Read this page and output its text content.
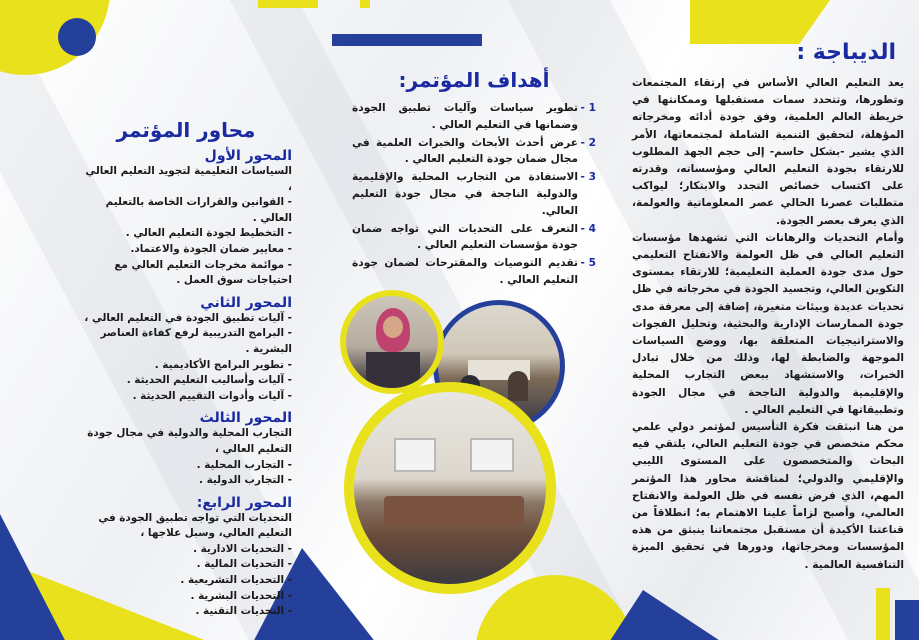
الديباجة :

يعد التعليم العالي الأساس في إرتقاء المجتمعات وتطورها، وتتحدد سمات مستقبلها وممكانتها في خريطة العالم العلمية، وفق جودة أدائه ومخرجاته المؤهلة، لتحقيق التنمية الشاملة لمجتمعاتها، الأمر الذي يشير -بشكل حاسم- إلى حجم الجهد المطلوب للارتقاء بجودة التعليم العالي ومؤسساته، وقدرته على اكتساب خصائص التجدد والابتكار؛ ليواكب متطلبات عصرنا الحالي عصر المعلوماتية والعولمة، الذي يعرف بعصر الجودة.

وأمام التحديات والرهانات التي تشهدها مؤسسات التعليم العالي في ظل العولمة والانفتاح التعليمي حول مدى جودة العملية التعليمية؛ للارتقاء بمستوى التكوين العالي، وتجسيد الجودة في مخرجاته في ظل تحديات عديدة وبيئات متغيرة، إضافة إلى معرفة مدى جودة الممارسات الإدارية والبحثية، وتحليل الفجوات والاستراتيجيات المتعلقة بها، ووضع السياسات الموجهة والضابطة لها، وذلك من خلال تبادل الخبرات، والاستشهاد ببعض التجارب المحلية والإقليمية والدولية الناجحة في مجال الجودة وتطبيقاتها في التعليم العالي .

من هنا انبثقت فكرة التأسيس لمؤتمر دولي علمي محكم متخصص في جودة التعليم العالي، يلتقي فيه البحاث والمتخصصون على المستوى الليبي والإقليمي والدولي؛ لمناقشة محاور هذا المؤتمر المهم، الذي فرض نفسه في ظل العولمة والانفتاح العالمي، وأصبح لزاماً علينا الاهتمام به؛ انطلاقاً من قناعتنا الأكيدة أن مستقبل مجتمعاتنا ينبثق من هذه المؤسسات ومخرجاتها، ودورها في تحقيق الميزة التنافسية العالمية .

أهداف المؤتمر:
1 -
تطوير سياسات وآليات تطبيق الجودة وضمانها في التعليم العالي .
2 -
عرض أحدث الأبحاث والخبرات العلمية في مجال ضمان جودة التعليم العالي .
3 -
الاستفادة من التجارب المحلية والإقليمية والدولية الناجحة في مجال جودة التعليم العالي.
4 -
التعرف على التحديات التي تواجه ضمان جودة مؤسسات التعليم العالي .
5 -
تقديم التوصيات والمقترحات لضمان جودة التعليم العالي .
محاور المؤتمر
المحور الأول
السياسات التعليمية لتجويد التعليم العالي ،
- القوانين والقرارات الخاصة بالتعليم العالي .
- التخطيط لجودة التعليم العالي .
- معايير ضمان الجودة والاعتماد.
- موائمة مخرجات التعليم العالي مع احتياجات سوق العمل .
المحور الثاني
- آليات تطبيق الجودة في التعليم العالي ،
- البرامج التدريبية لرفع كفاءة العناصر البشرية .
- تطوير البرامج الأكاديمية .
- آليات وأساليب التعليم الحديثة .
- آليات وأدوات التقييم الحديثة .
المحور الثالث
التجارب المحلية والدولية في مجال جودة التعليم العالي ،
- التجارب المحلية .
- التجارب الدولية .
المحور الرابع:
التحديات التي تواجه تطبيق الجودة في التعليم العالي، وسبل علاجها ،
- التحديات الادارية .
- التحديات المالية .
- التحديات التشريعية .
- التحديات البشرية .
- التحديات التقنية .
